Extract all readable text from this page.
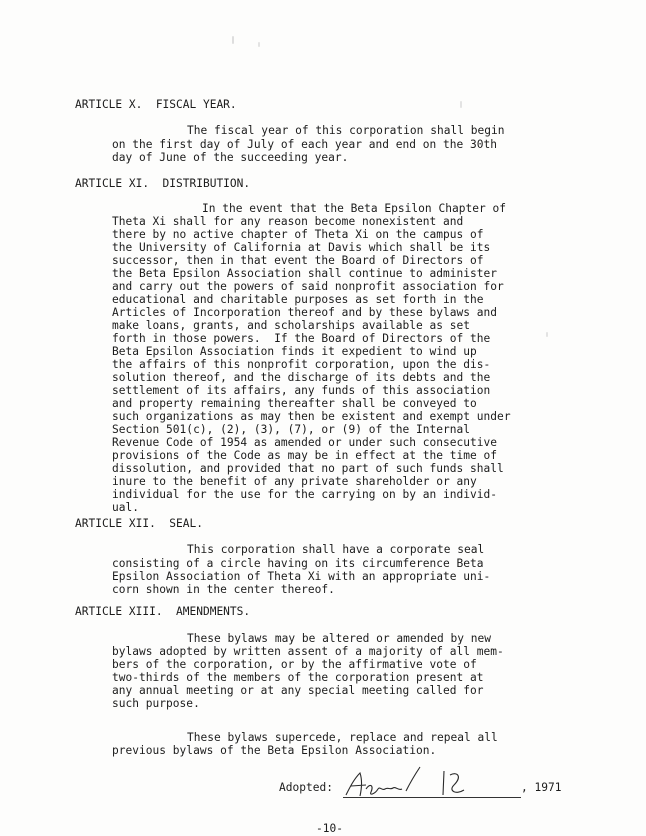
ARTICLE X.  FISCAL YEAR.
The fiscal year of this corporation shall begin
on the first day of July of each year and end on the 30th
day of June of the succeeding year.
ARTICLE XI.  DISTRIBUTION.
In the event that the Beta Epsilon Chapter of
Theta Xi shall for any reason become nonexistent and
there by no active chapter of Theta Xi on the campus of
the University of California at Davis which shall be its
successor, then in that event the Board of Directors of
the Beta Epsilon Association shall continue to administer
and carry out the powers of said nonprofit association for
educational and charitable purposes as set forth in the
Articles of Incorporation thereof and by these bylaws and
make loans, grants, and scholarships available as set
forth in those powers.  If the Board of Directors of the
Beta Epsilon Association finds it expedient to wind up
the affairs of this nonprofit corporation, upon the dis-
solution thereof, and the discharge of its debts and the
settlement of its affairs, any funds of this association
and property remaining thereafter shall be conveyed to
such organizations as may then be existent and exempt under
Section 501(c), (2), (3), (7), or (9) of the Internal
Revenue Code of 1954 as amended or under such consecutive
provisions of the Code as may be in effect at the time of
dissolution, and provided that no part of such funds shall
inure to the benefit of any private shareholder or any
individual for the use for the carrying on by an individ-
ual.
ARTICLE XII.  SEAL.
This corporation shall have a corporate seal
consisting of a circle having on its circumference Beta
Epsilon Association of Theta Xi with an appropriate uni-
corn shown in the center thereof.
ARTICLE XIII.  AMENDMENTS.
These bylaws may be altered or amended by new
bylaws adopted by written assent of a majority of all mem-
bers of the corporation, or by the affirmative vote of
two-thirds of the members of the corporation present at
any annual meeting or at any special meeting called for
such purpose.
These bylaws supercede, replace and repeal all
previous bylaws of the Beta Epsilon Association.
Adopted:	, 1971
-10-
